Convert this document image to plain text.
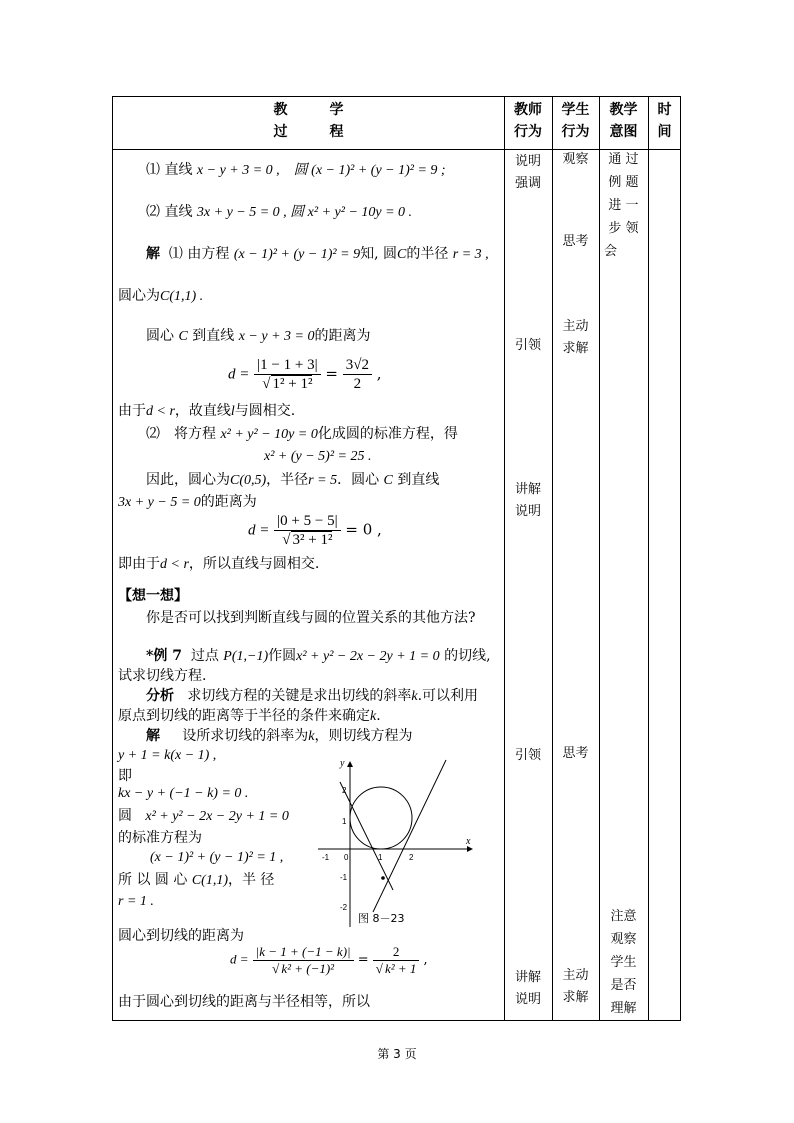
教　　　学
过　　　程
教师
行为
学生
行为
教学
意图
时
间
说明
强调
引领
讲解
说明
引领
讲解
说明
观察
思考
主动
求解
思考
主动
求解
通 过
例 题
进 一
步 领
会
注意
观察
学生
是否
理解
⑴ 直线 x − y + 3 = 0 ,　圆 (x − 1)² + (y − 1)² = 9 ;
⑵ 直线 3x + y − 5 = 0 , 圆 x² + y² − 10y = 0 .
解 ⑴ 由方程 (x − 1)² + (y − 1)² = 9知, 圆C的半径 r = 3 ,
圆心为C(1,1) .
圆心 C 到直线 x − y + 3 = 0的距离为
$d = \frac{|1 - 1 + 3|}{\text{√ 1² + 1²}} = \frac{3√2}{2}$ ,
由于d < r，故直线l与圆相交.
⑵　将方程 x² + y² − 10y = 0化成圆的标准方程，得
x² + (y − 5)² = 25 .
因此，圆心为C(0,5)，半径r = 5．圆心 C 到直线
3x + y − 5 = 0的距离为
$d = \frac{|0 + 5 - 5|}{\text{√ 3² + 1²}} = 0$ ,
即由于d < r，所以直线与圆相交.
【想一想】
你是否可以找到判断直线与圆的位置关系的其他方法?
*例 7 过点 P(1,−1)作圆x² + y² − 2x − 2y + 1 = 0 的切线,
试求切线方程.
分析 求切线方程的关键是求出切线的斜率k.可以利用
原点到切线的距离等于半径的条件来确定k.
解 设所求切线的斜率为k，则切线方程为
y + 1 = k(x − 1) ,
即
kx − y + (−1 − k) = 0 .
圆 x² + y² − 2x − 2y + 1 = 0
的标准方程为
(x − 1)² + (y − 1)² = 1 ,
所 以 圆 心 C(1,1)，半 径
r = 1 .
圆心到切线的距离为
$d = \frac{|k - 1 + (-1 - k)|}{\text{√ k² + (−1)²}} = \frac{2}{\text{√ k² + 1}}$ ,
由于圆心到切线的距离与半径相等，所以
y
x
2
1
-1 0	1	2
-1
-2
图 8－23
第 3 页
